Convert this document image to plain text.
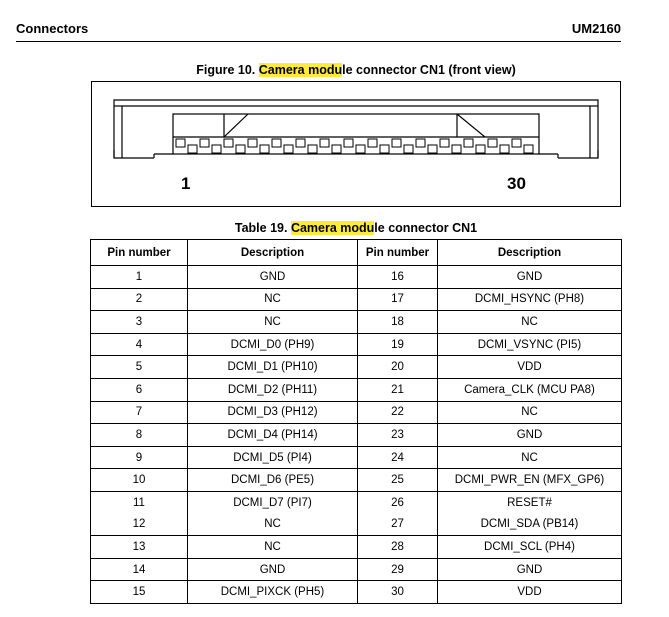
Connectors	UM2160
Figure 10. Camera module connector CN1 (front view)
1	30
Table 19. Camera module connector CN1
Pin number	Description	Pin number	Description
1	GND	16	GND
2	NC	17	DCMI_HSYNC (PH8)
3	NC	18	NC
4	DCMI_D0 (PH9)	19	DCMI_VSYNC (PI5)
5	DCMI_D1 (PH10)	20	VDD
6	DCMI_D2 (PH11)	21	Camera_CLK (MCU PA8)
7	DCMI_D3 (PH12)	22	NC
8	DCMI_D4 (PH14)	23	GND
9	DCMI_D5 (PI4)	24	NC
10	DCMI_D6 (PE5)	25	DCMI_PWR_EN (MFX_GP6)
11	DCMI_D7 (PI7)	26	RESET#
12	NC	27	DCMI_SDA (PB14)
13	NC	28	DCMI_SCL (PH4)
14	GND	29	GND
15	DCMI_PIXCK (PH5)	30	VDD
